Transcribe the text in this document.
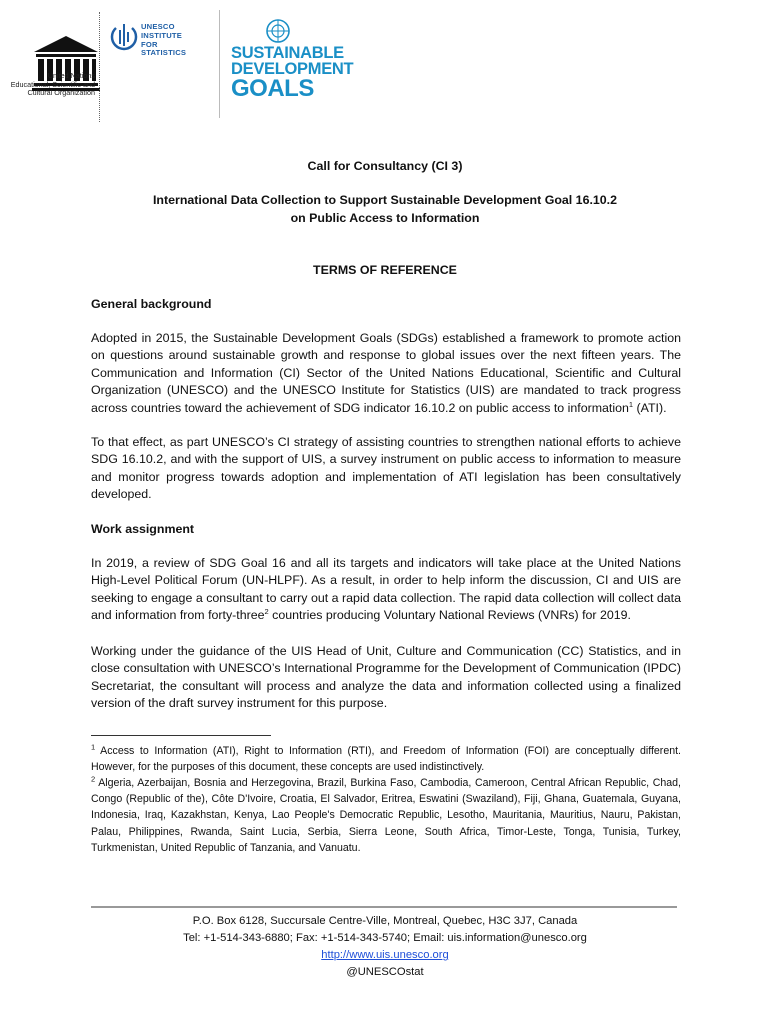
United Nations
Educational, Scientific and
Cultural Organization
UNESCO
INSTITUTE
FOR
STATISTICS	SUSTAINABLE
DEVELOPMENT
GOALS
Call for Consultancy (CI 3)
International Data Collection to Support Sustainable Development Goal 16.10.2
on Public Access to Information
TERMS OF REFERENCE
General background
Adopted in 2015, the Sustainable Development Goals (SDGs) established a framework to promote action on questions around sustainable growth and response to global issues over the next fifteen years. The Communication and Information (CI) Sector of the United Nations Educational, Scientific and Cultural Organization (UNESCO) and the UNESCO Institute for Statistics (UIS) are mandated to track progress across countries toward the achievement of SDG indicator 16.10.2 on public access to information$^1$ (ATI).
To that effect, as part UNESCO’s CI strategy of assisting countries to strengthen national efforts to achieve SDG 16.10.2, and with the support of UIS, a survey instrument on public access to information to measure and monitor progress towards adoption and implementation of ATI legislation has been consultatively developed.
Work assignment
In 2019, a review of SDG Goal 16 and all its targets and indicators will take place at the United Nations High-Level Political Forum (UN-HLPF). As a result, in order to help inform the discussion, CI and UIS are seeking to engage a consultant to carry out a rapid data collection. The rapid data collection will collect data and information from forty-three$^2$ countries producing Voluntary National Reviews (VNRs) for 2019.
Working under the guidance of the UIS Head of Unit, Culture and Communication (CC) Statistics, and in close consultation with UNESCO’s International Programme for the Development of Communication (IPDC) Secretariat, the consultant will process and analyze the data and information collected using a finalized version of the draft survey instrument for this purpose.
$^1$ Access to Information (ATI), Right to Information (RTI), and Freedom of Information (FOI) are conceptually different. However, for the purposes of this document, these concepts are used indistinctively.
$^2$ Algeria, Azerbaijan, Bosnia and Herzegovina, Brazil, Burkina Faso, Cambodia, Cameroon, Central African Republic, Chad, Congo (Republic of the), Côte D'Ivoire, Croatia, El Salvador, Eritrea, Eswatini (Swaziland), Fiji, Ghana, Guatemala, Guyana, Indonesia, Iraq, Kazakhstan, Kenya, Lao People's Democratic Republic, Lesotho, Mauritania, Mauritius, Nauru, Pakistan, Palau, Philippines, Rwanda, Saint Lucia, Serbia, Sierra Leone, South Africa, Timor-Leste, Tonga, Tunisia, Turkey, Turkmenistan, United Republic of Tanzania, and Vanuatu.
P.O. Box 6128, Succursale Centre-Ville, Montreal, Quebec, H3C 3J7, Canada
Tel: +1-514-343-6880; Fax: +1-514-343-5740; Email: uis.information@unesco.org
http://www.uis.unesco.org
@UNESCOstat
